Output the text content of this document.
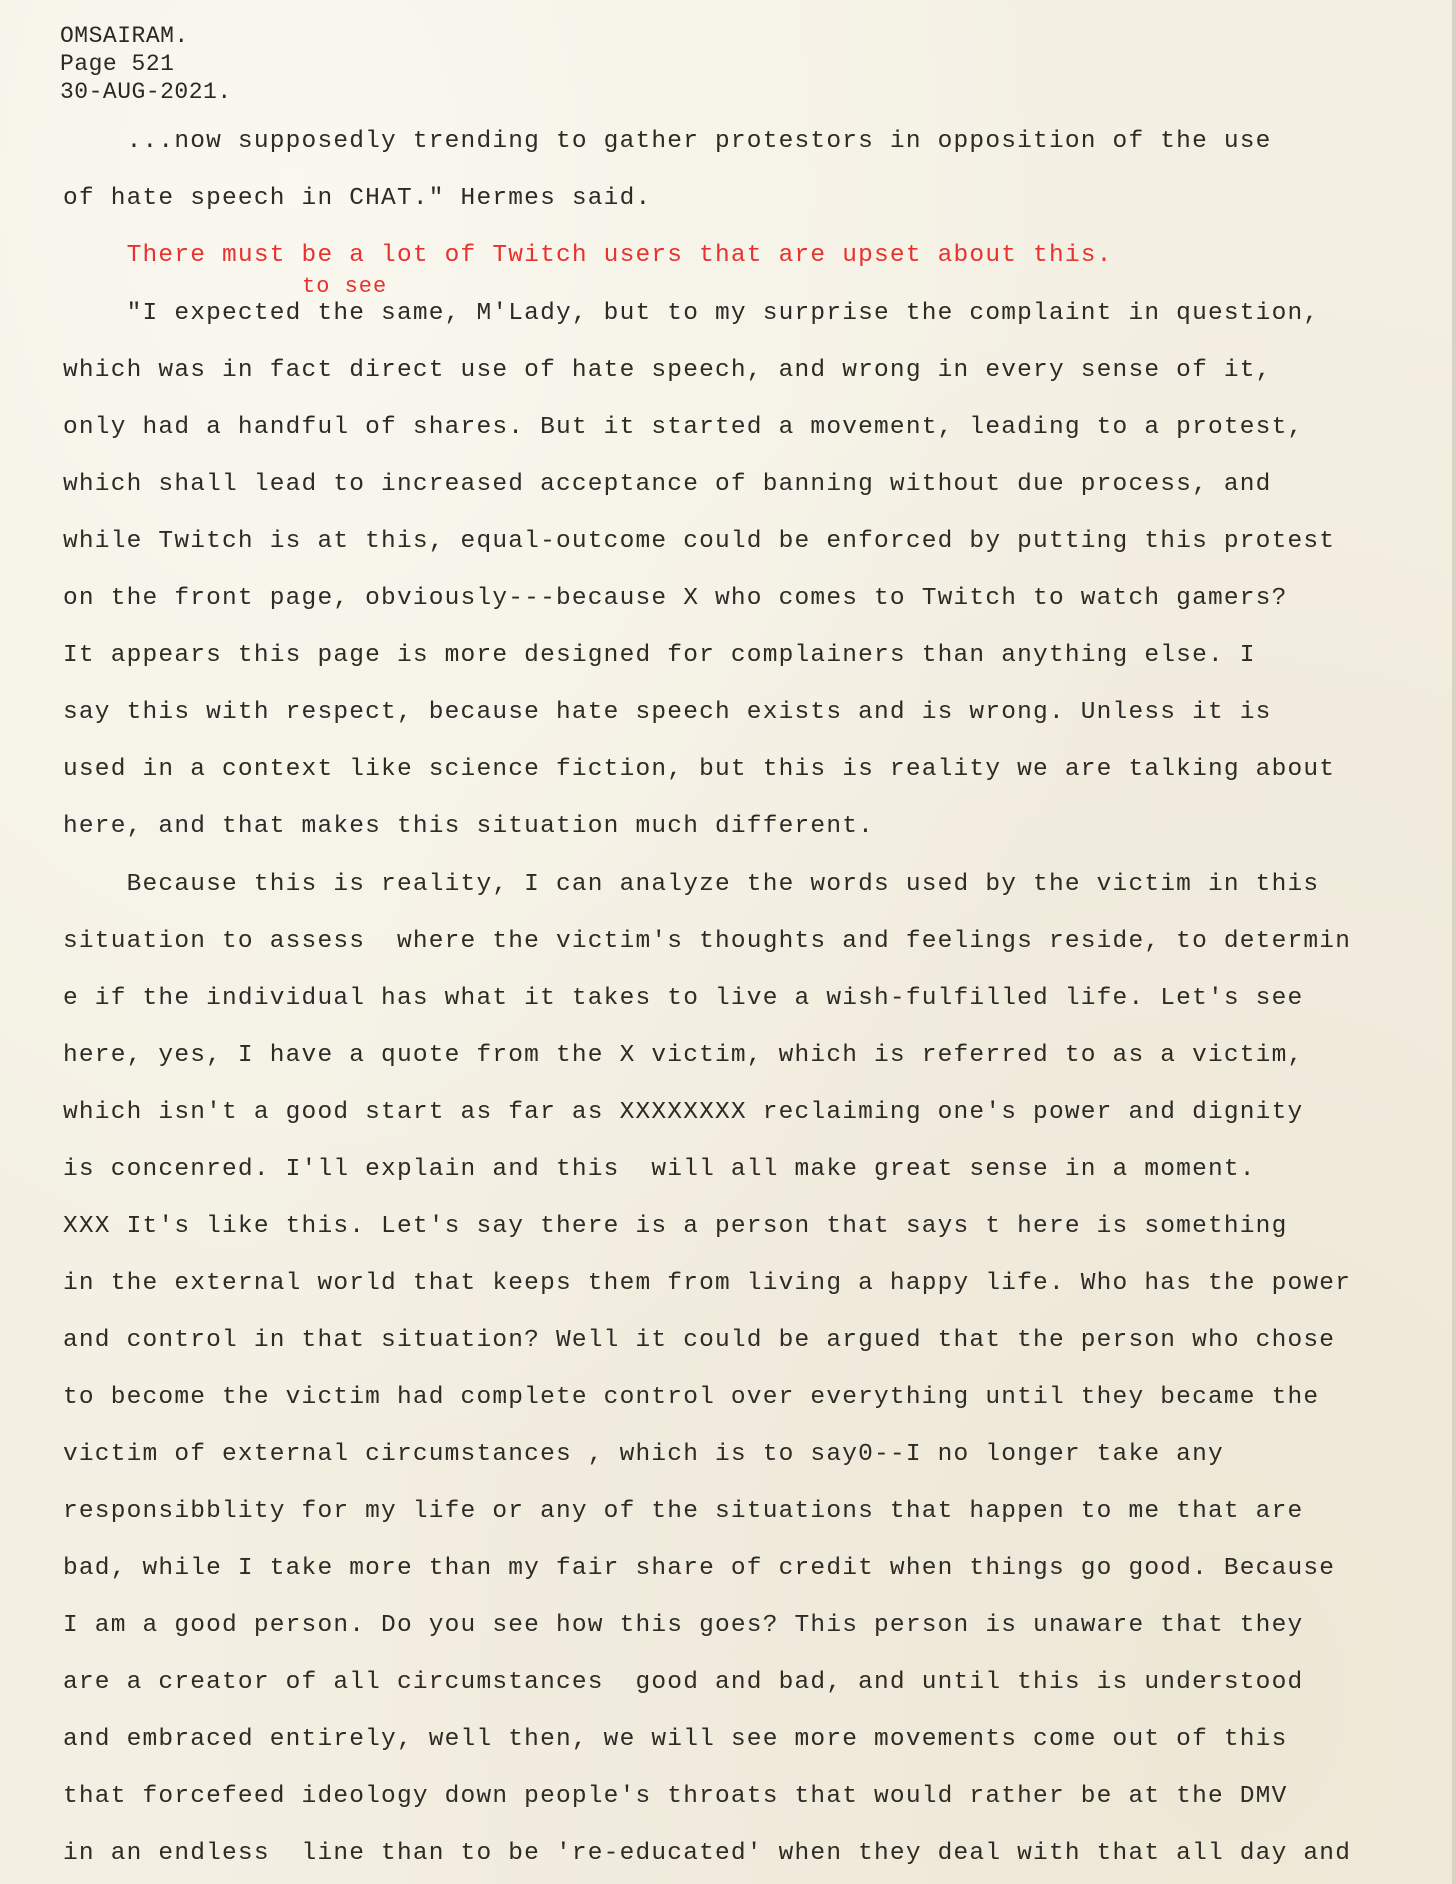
OMSAIRAM.
Page 521
30-AUG-2021.
to see
...now supposedly trending to gather protestors in opposition of the use
of hate speech in CHAT." Hermes said.
There must be a lot of Twitch users that are upset about this.
"I expected the same, M'Lady, but to my surprise the complaint in question,
which was in fact direct use of hate speech, and wrong in every sense of it,
only had a handful of shares. But it started a movement, leading to a protest,
which shall lead to increased acceptance of banning without due process, and
while Twitch is at this, equal-outcome could be enforced by putting this protest
on the front page, obviously---because X who comes to Twitch to watch gamers?
It appears this page is more designed for complainers than anything else. I
say this with respect, because hate speech exists and is wrong. Unless it is
used in a context like science fiction, but this is reality we are talking about
here, and that makes this situation much different.
Because this is reality, I can analyze the words used by the victim in this
situation to assess  where the victim's thoughts and feelings reside, to determin
e if the individual has what it takes to live a wish-fulfilled life. Let's see
here, yes, I have a quote from the X victim, which is referred to as a victim,
which isn't a good start as far as XXXXXXXX reclaiming one's power and dignity
is concenred. I'll explain and this  will all make great sense in a moment.
XXX It's like this. Let's say there is a person that says t here is something
in the external world that keeps them from living a happy life. Who has the power
and control in that situation? Well it could be argued that the person who chose
to become the victim had complete control over everything until they became the
victim of external circumstances , which is to say0--I no longer take any
responsibblity for my life or any of the situations that happen to me that are
bad, while I take more than my fair share of credit when things go good. Because
I am a good person. Do you see how this goes? This person is unaware that they
are a creator of all circumstances  good and bad, and until this is understood
and embraced entirely, well then, we will see more movements come out of this
that forcefeed ideology down people's throats that would rather be at the DMV
in an endless  line than to be 're-educated' when they deal with that all day and
